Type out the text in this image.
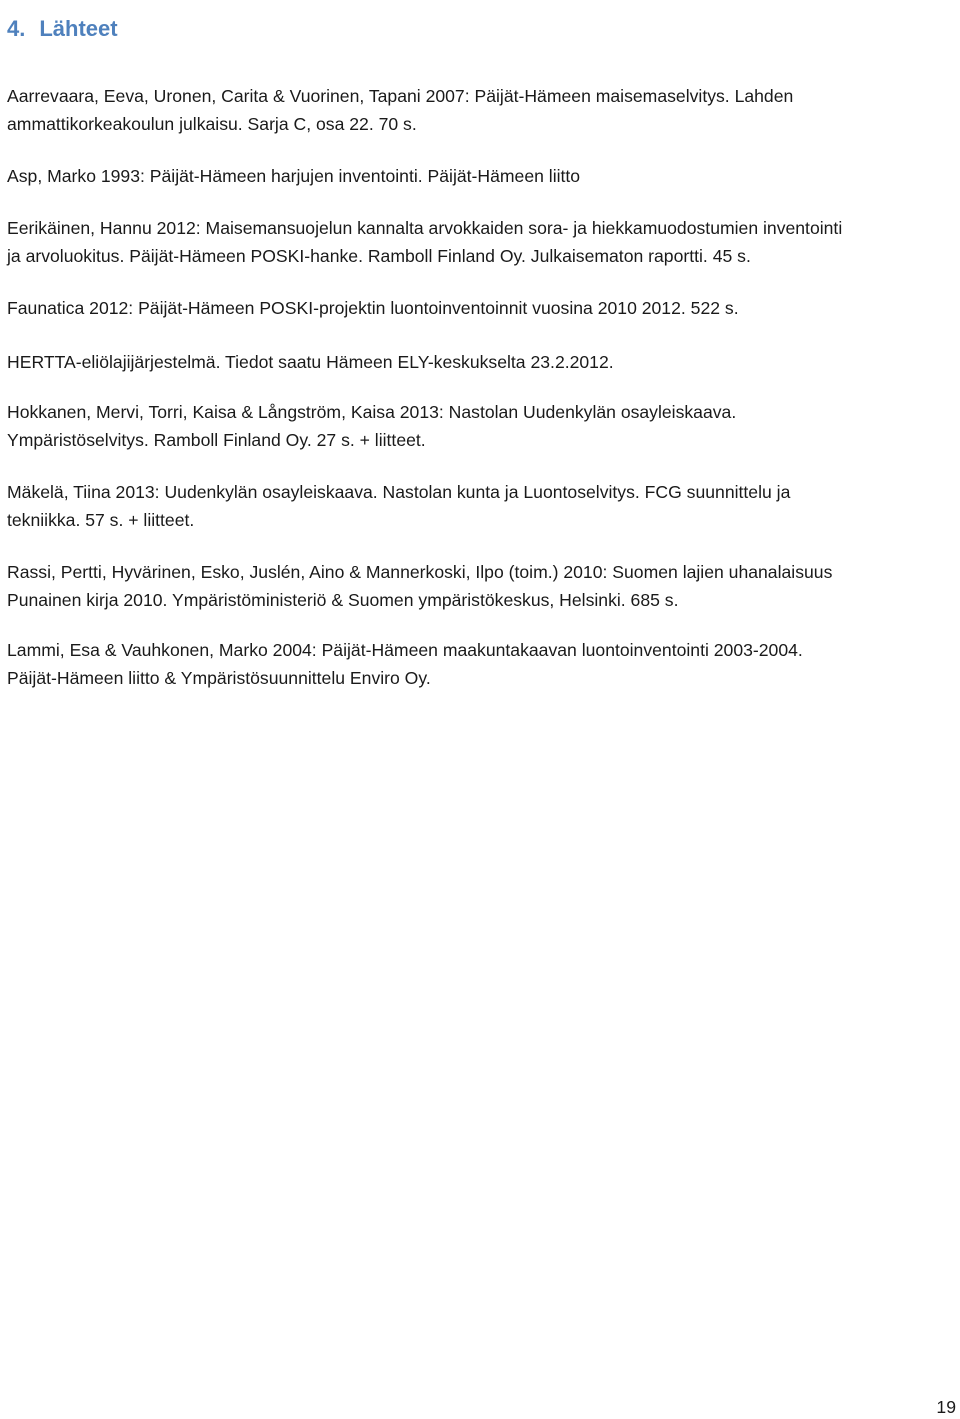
4. Lähteet

Aarrevaara, Eeva, Uronen, Carita & Vuorinen, Tapani 2007: Päijät-Hämeen maisemaselvitys. Lahden
ammattikorkeakoulun julkaisu. Sarja C, osa 22. 70 s.

Asp, Marko 1993: Päijät-Hämeen harjujen inventointi. Päijät-Hämeen liitto

Eerikäinen, Hannu 2012: Maisemansuojelun kannalta arvokkaiden sora- ja hiekkamuodostumien inventointi
ja arvoluokitus. Päijät-Hämeen POSKI-hanke. Ramboll Finland Oy. Julkaisematon raportti. 45 s.

Faunatica 2012: Päijät-Hämeen POSKI-projektin luontoinventoinnit vuosina 2010 2012. 522 s.

HERTTA-eliölajijärjestelmä. Tiedot saatu Hämeen ELY-keskukselta 23.2.2012.

Hokkanen, Mervi, Torri, Kaisa & Långström, Kaisa 2013: Nastolan Uudenkylän osayleiskaava.
Ympäristöselvitys. Ramboll Finland Oy. 27 s. + liitteet.

Mäkelä, Tiina 2013: Uudenkylän osayleiskaava. Nastolan kunta ja Luontoselvitys. FCG suunnittelu ja
tekniikka. 57 s. + liitteet.

Rassi, Pertti, Hyvärinen, Esko, Juslén, Aino & Mannerkoski, Ilpo (toim.) 2010: Suomen lajien uhanalaisuus
Punainen kirja 2010. Ympäristöministeriö & Suomen ympäristökeskus, Helsinki. 685 s.

Lammi, Esa & Vauhkonen, Marko 2004: Päijät-Hämeen maakuntakaavan luontoinventointi 2003-2004.
Päijät-Hämeen liitto & Ympäristösuunnittelu Enviro Oy.

19
